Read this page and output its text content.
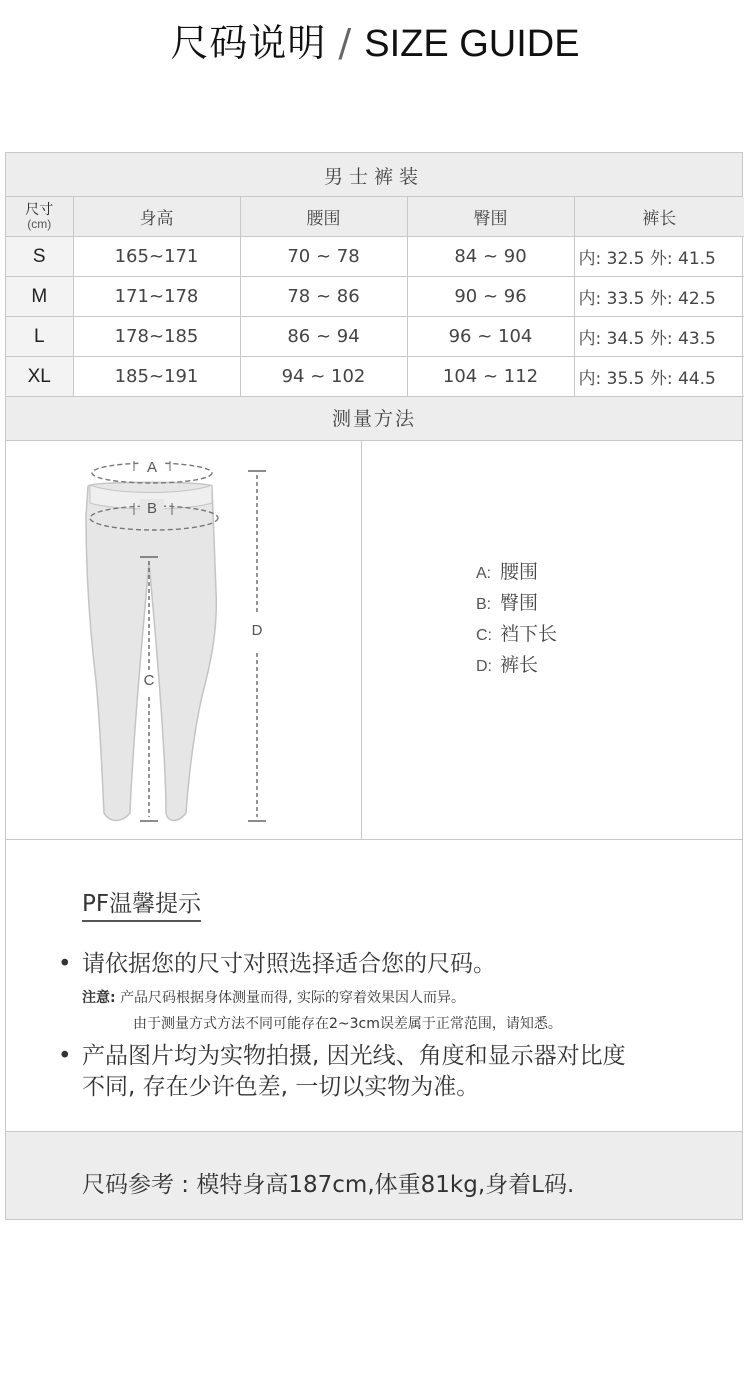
尺码说明 / SIZE GUIDE
男士裤装
尺寸
(cm)	身高	腰围	臀围	裤长
S	165~171	70 ~ 78	84 ~ 90	内: 32.5 外: 41.5
M	171~178	78 ~ 86	90 ~ 96	内: 33.5 外: 42.5
L	178~185	86 ~ 94	96 ~ 104	内: 34.5 外: 43.5
XL	185~191	94 ~ 102	104 ~ 112	内: 35.5 外: 44.5
测量方法
A
B
C
D
A: 腰围
B: 臀围
C: 裆下长
D: 裤长
PF温馨提示
• 请依据您的尺寸对照选择适合您的尺码。
注意: 产品尺码根据身体测量而得, 实际的穿着效果因人而异。
由于测量方式方法不同可能存在2~3cm误差属于正常范围，请知悉。
• 产品图片均为实物拍摄, 因光线、角度和显示器对比度
不同, 存在少许色差, 一切以实物为准。
尺码参考 : 模特身高187cm,体重81kg,身着L码.
